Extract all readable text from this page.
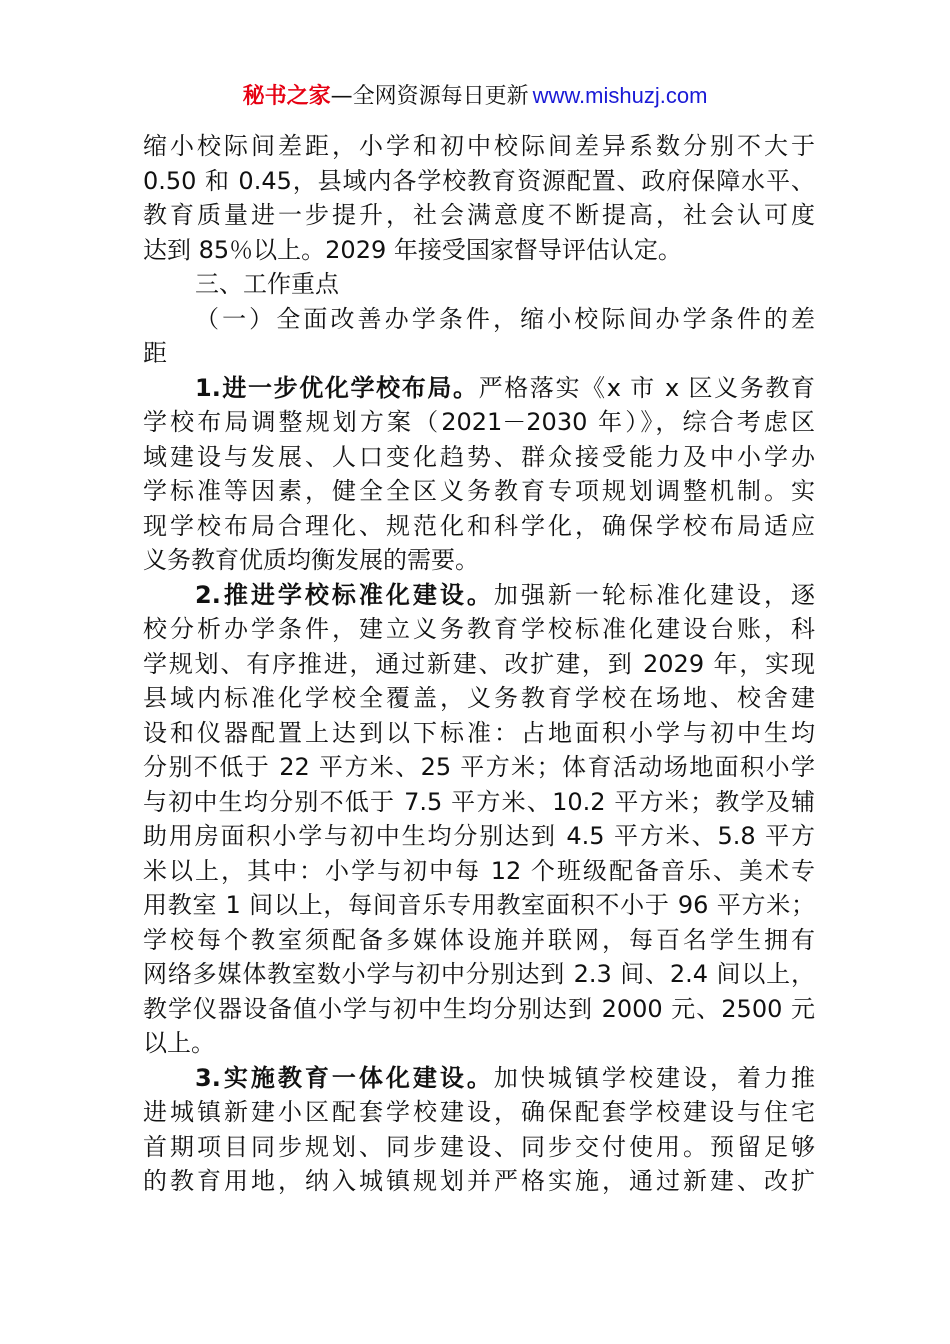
秘书之家—全网资源每日更新 www.mishuzj.com
缩小校际间差距，小学和初中校际间差异系数分别不大于
0.50 和 0.45，县域内各学校教育资源配置、政府保障水平、
教育质量进一步提升，社会满意度不断提高，社会认可度
达到 85％以上。2029 年接受国家督导评估认定。
三、工作重点
（一）全面改善办学条件，缩小校际间办学条件的差
距
1.进一步优化学校布局。严格落实《x 市 x 区义务教育
学校布局调整规划方案（2021－2030 年）》，综合考虑区
域建设与发展、人口变化趋势、群众接受能力及中小学办
学标准等因素，健全全区义务教育专项规划调整机制。实
现学校布局合理化、规范化和科学化，确保学校布局适应
义务教育优质均衡发展的需要。
2.推进学校标准化建设。加强新一轮标准化建设，逐
校分析办学条件，建立义务教育学校标准化建设台账，科
学规划、有序推进，通过新建、改扩建，到 2029 年，实现
县域内标准化学校全覆盖，义务教育学校在场地、校舍建
设和仪器配置上达到以下标准：占地面积小学与初中生均
分别不低于 22 平方米、25 平方米；体育活动场地面积小学
与初中生均分别不低于 7.5 平方米、10.2 平方米；教学及辅
助用房面积小学与初中生均分别达到 4.5 平方米、5.8 平方
米以上，其中：小学与初中每 12 个班级配备音乐、美术专
用教室 1 间以上，每间音乐专用教室面积不小于 96 平方米；
学校每个教室须配备多媒体设施并联网，每百名学生拥有
网络多媒体教室数小学与初中分别达到 2.3 间、2.4 间以上，
教学仪器设备值小学与初中生均分别达到 2000 元、2500 元
以上。
3.实施教育一体化建设。加快城镇学校建设，着力推
进城镇新建小区配套学校建设，确保配套学校建设与住宅
首期项目同步规划、同步建设、同步交付使用。预留足够
的教育用地，纳入城镇规划并严格实施，通过新建、改扩
